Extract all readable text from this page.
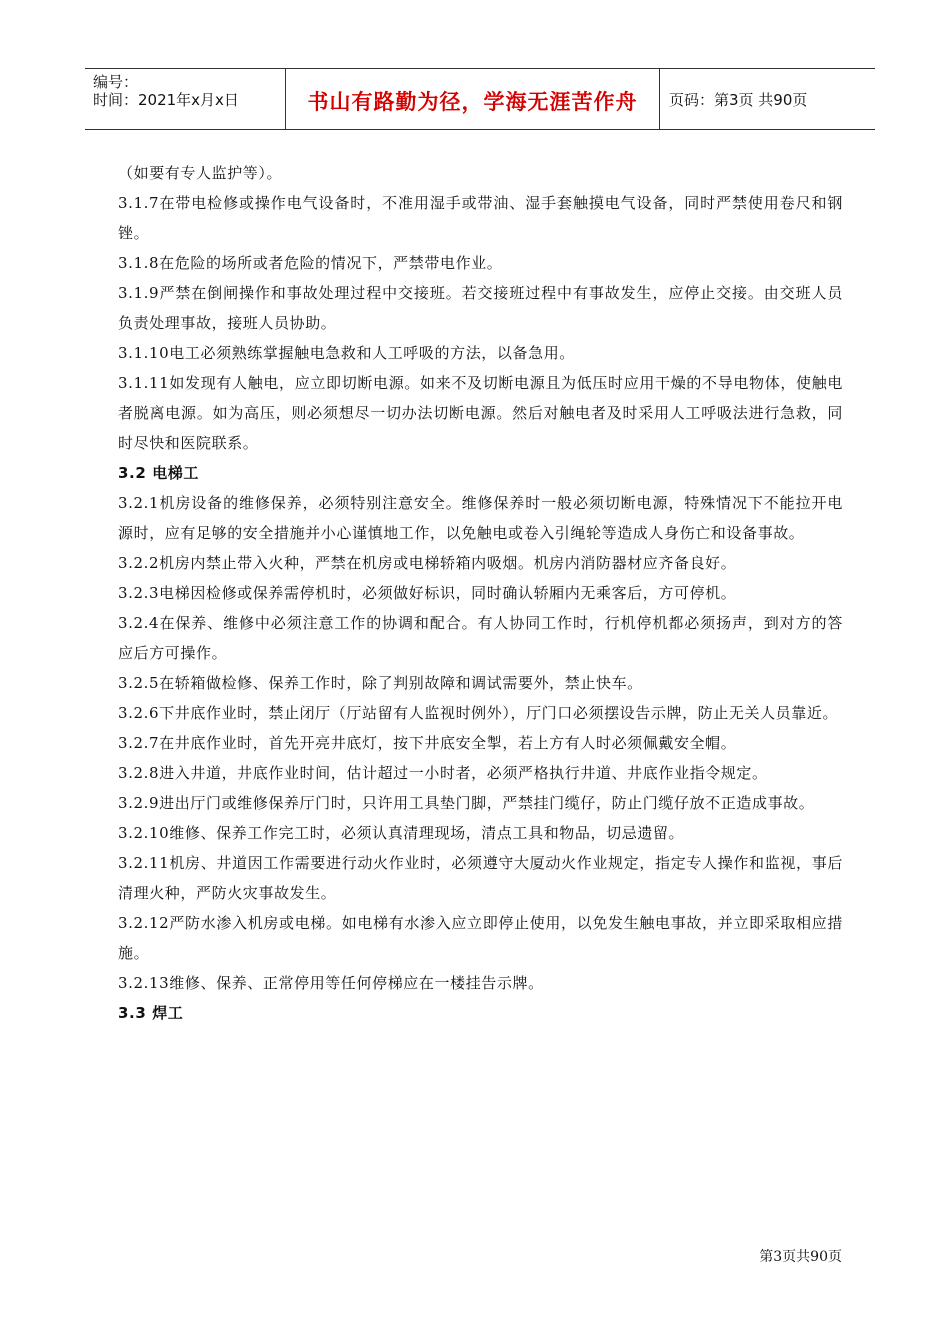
编号：
时间：2021年x月x日	书山有路勤为径，学海无涯苦作舟	页码：第3页 共90页

（如要有专人监护等）。

3.1.7在带电检修或操作电气设备时，不准用湿手或带油、湿手套触摸电气设备，同时严禁使用卷尺和钢锉。

3.1.8在危险的场所或者危险的情况下，严禁带电作业。

3.1.9严禁在倒闸操作和事故处理过程中交接班。若交接班过程中有事故发生，应停止交接。由交班人员负责处理事故，接班人员协助。

3.1.10电工必须熟练掌握触电急救和人工呼吸的方法，以备急用。

3.1.11如发现有人触电，应立即切断电源。如来不及切断电源且为低压时应用干燥的不导电物体，使触电者脱离电源。如为高压，则必须想尽一切办法切断电源。然后对触电者及时采用人工呼吸法进行急救，同时尽快和医院联系。

3.2 电梯工

3.2.1机房设备的维修保养，必须特别注意安全。维修保养时一般必须切断电源，特殊情况下不能拉开电源时，应有足够的安全措施并小心谨慎地工作，以免触电或卷入引绳轮等造成人身伤亡和设备事故。

3.2.2机房内禁止带入火种，严禁在机房或电梯轿箱内吸烟。机房内消防器材应齐备良好。

3.2.3电梯因检修或保养需停机时，必须做好标识，同时确认轿厢内无乘客后，方可停机。

3.2.4在保养、维修中必须注意工作的协调和配合。有人协同工作时，行机停机都必须扬声，到对方的答应后方可操作。

3.2.5在轿箱做检修、保养工作时，除了判别故障和调试需要外，禁止快车。

3.2.6下井底作业时，禁止闭厅（厅站留有人监视时例外），厅门口必须摆设告示牌，防止无关人员靠近。

3.2.7在井底作业时，首先开亮井底灯，按下井底安全掣，若上方有人时必须佩戴安全帽。

3.2.8进入井道，井底作业时间，估计超过一小时者，必须严格执行井道、井底作业指令规定。

3.2.9进出厅门或维修保养厅门时，只许用工具垫门脚，严禁挂门缆仔，防止门缆仔放不正造成事故。

3.2.10维修、保养工作完工时，必须认真清理现场，清点工具和物品，切忌遗留。

3.2.11机房、井道因工作需要进行动火作业时，必须遵守大厦动火作业规定，指定专人操作和监视，事后清理火种，严防火灾事故发生。

3.2.12严防水渗入机房或电梯。如电梯有水渗入应立即停止使用，以免发生触电事故，并立即采取相应措施。

3.2.13维修、保养、正常停用等任何停梯应在一楼挂告示牌。

3.3 焊工
第3页共90页
